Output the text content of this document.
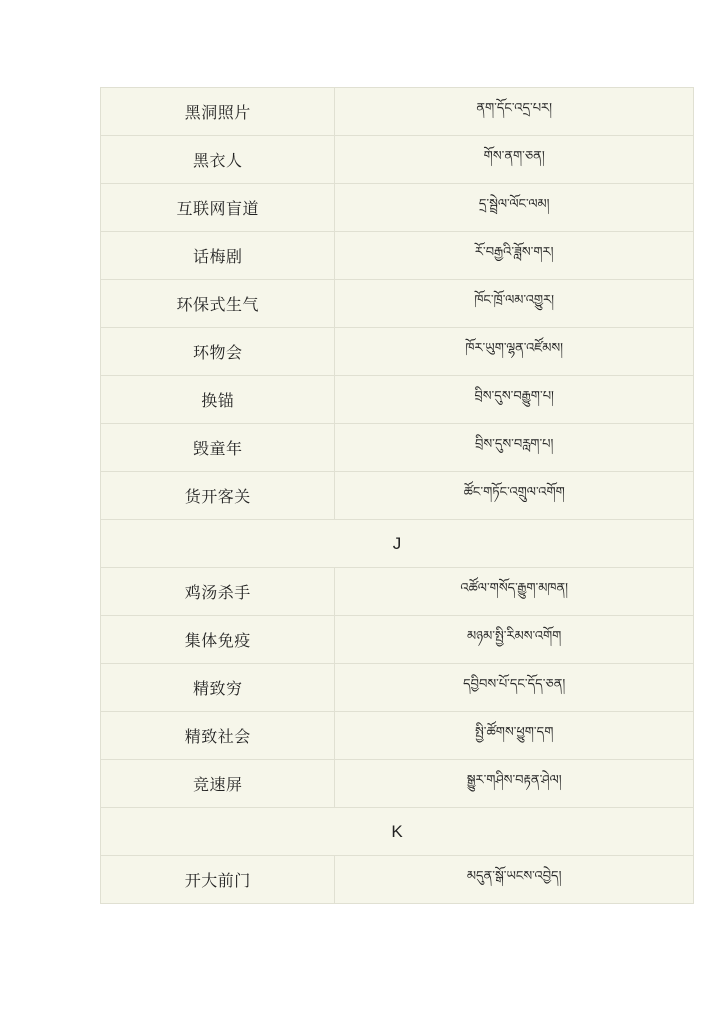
黑洞照片	ནག་དོང་འདྲ་པར།
黑衣人	གོས་ནག་ཅན།
互联网盲道	དྲ་སྦྲེལ་ལོང་ལམ།
话梅剧	རོ་བརྒྱའི་ཟློས་གར།
环保式生气	ཁོང་ཁྲོ་ལམ་འགྱུར།
环物会	ཁོར་ཡུག་ལྷན་འཛོམས།
换锚	བྲིས་དུས་བརྒྱུག་པ།
毁童年	བྲིས་དུས་བརླག་པ།
货开客关	ཚོང་གཏོང་འགྲུལ་འགོག
J	
鸡汤杀手	འཚོལ་གསོད་རྒྱུག་མཁན།
集体免疫	མཉམ་སྤྱི་རིམས་འགོག
精致穷	དབྱིབས་པོ་དང་དོད་ཅན།
精致社会	སྤྱི་ཚོགས་ཕྱུག་དག
竞速屏	སྒྱུར་གཤིས་བརྟན་ཤེལ།
K	
开大前门	མདུན་སྒོ་ཡངས་འབྱེད།
